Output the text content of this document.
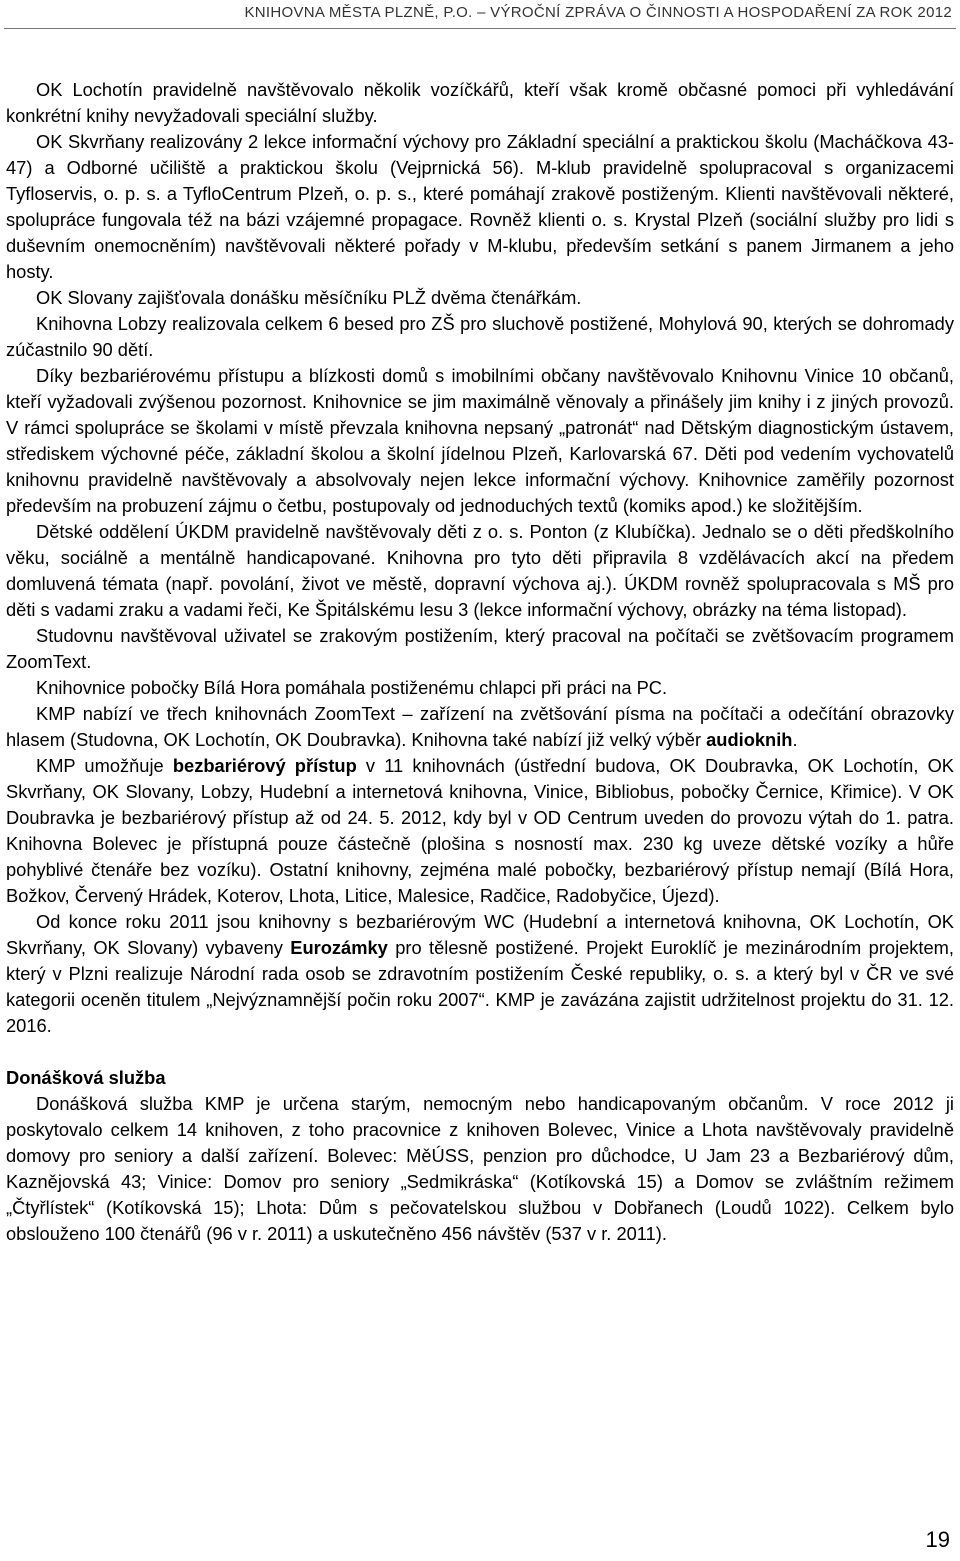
KNIHOVNA MĚSTA PLZNĚ, P.O. – VÝROČNÍ ZPRÁVA O ČINNOSTI A HOSPODAŘENÍ ZA ROK 2012

OK Lochotín pravidelně navštěvovalo několik vozíčkářů, kteří však kromě občasné pomoci při vyhledávání konkrétní knihy nevyžadovali speciální služby.

OK Skvrňany realizovány 2 lekce informační výchovy pro Základní speciální a praktickou školu (Macháčkova 43-47) a Odborné učiliště a praktickou školu (Vejprnická 56). M-klub pravidelně spolupracoval s organizacemi Tyfloservis, o. p. s. a TyfloCentrum Plzeň, o. p. s., které pomáhají zrakově postiženým. Klienti navštěvovali některé, spolupráce fungovala též na bázi vzájemné propagace. Rovněž klienti o. s. Krystal Plzeň (sociální služby pro lidi s duševním onemocněním) navštěvovali některé pořady v M-klubu, především setkání s panem Jirmanem a jeho hosty.

OK Slovany zajišťovala donášku měsíčníku PLŽ dvěma čtenářkám.

Knihovna Lobzy realizovala celkem 6 besed pro ZŠ pro sluchově postižené, Mohylová 90, kterých se dohromady zúčastnilo 90 dětí.

Díky bezbariérovému přístupu a blízkosti domů s imobilními občany navštěvovalo Knihovnu Vinice 10 občanů, kteří vyžadovali zvýšenou pozornost. Knihovnice se jim maximálně věnovaly a přinášely jim knihy i z jiných provozů. V rámci spolupráce se školami v místě převzala knihovna nepsaný „patronát“ nad Dětským diagnostickým ústavem, střediskem výchovné péče, základní školou a školní jídelnou Plzeň, Karlovarská 67. Děti pod vedením vychovatelů knihovnu pravidelně navštěvovaly a absolvovaly nejen lekce informační výchovy. Knihovnice zaměřily pozornost především na probuzení zájmu o četbu, postupovaly od jednoduchých textů (komiks apod.) ke složitějším.

Dětské oddělení ÚKDM pravidelně navštěvovaly děti z o. s. Ponton (z Klubíčka). Jednalo se o děti předškolního věku, sociálně a mentálně handicapované. Knihovna pro tyto děti připravila 8 vzdělávacích akcí na předem domluvená témata (např. povolání, život ve městě, dopravní výchova aj.). ÚKDM rovněž spolupracovala s MŠ pro děti s vadami zraku a vadami řeči, Ke Špitálskému lesu 3 (lekce informační výchovy, obrázky na téma listopad).

Studovnu navštěvoval uživatel se zrakovým postižením, který pracoval na počítači se zvětšovacím programem ZoomText.

Knihovnice pobočky Bílá Hora pomáhala postiženému chlapci při práci na PC.

KMP nabízí ve třech knihovnách ZoomText – zařízení na zvětšování písma na počítači a odečítání obrazovky hlasem (Studovna, OK Lochotín, OK Doubravka). Knihovna také nabízí již velký výběr audioknih.

KMP umožňuje bezbariérový přístup v 11 knihovnách (ústřední budova, OK Doubravka, OK Lochotín, OK Skvrňany, OK Slovany, Lobzy, Hudební a internetová knihovna, Vinice, Bibliobus, pobočky Černice, Křimice). V OK Doubravka je bezbariérový přístup až od 24. 5. 2012, kdy byl v OD Centrum uveden do provozu výtah do 1. patra. Knihovna Bolevec je přístupná pouze částečně (plošina s nosností max. 230 kg uveze dětské vozíky a hůře pohyblivé čtenáře bez vozíku). Ostatní knihovny, zejména malé pobočky, bezbariérový přístup nemají (Bílá Hora, Božkov, Červený Hrádek, Koterov, Lhota, Litice, Malesice, Radčice, Radobyčice, Újezd).

Od konce roku 2011 jsou knihovny s bezbariérovým WC (Hudební a internetová knihovna, OK Lochotín, OK Skvrňany, OK Slovany) vybaveny Eurozámky pro tělesně postižené. Projekt Euroklíč je mezinárodním projektem, který v Plzni realizuje Národní rada osob se zdravotním postižením České republiky, o. s. a který byl v ČR ve své kategorii oceněn titulem „Nejvýznamnější počin roku 2007“. KMP je zavázána zajistit udržitelnost projektu do 31. 12. 2016.

Donášková služba

Donášková služba KMP je určena starým, nemocným nebo handicapovaným občanům. V roce 2012 ji poskytovalo celkem 14 knihoven, z toho pracovnice z knihoven Bolevec, Vinice a Lhota navštěvovaly pravidelně domovy pro seniory a další zařízení. Bolevec: MěÚSS, penzion pro důchodce, U Jam 23 a Bezbariérový dům, Kaznějovská 43; Vinice: Domov pro seniory „Sedmikráska“ (Kotíkovská 15) a Domov se zvláštním režimem „Čtyřlístek“ (Kotíkovská 15); Lhota: Dům s pečovatelskou službou v Dobřanech (Loudů 1022). Celkem bylo obslouženo 100 čtenářů (96 v r. 2011) a uskutečněno 456 návštěv (537 v r. 2011).

19
